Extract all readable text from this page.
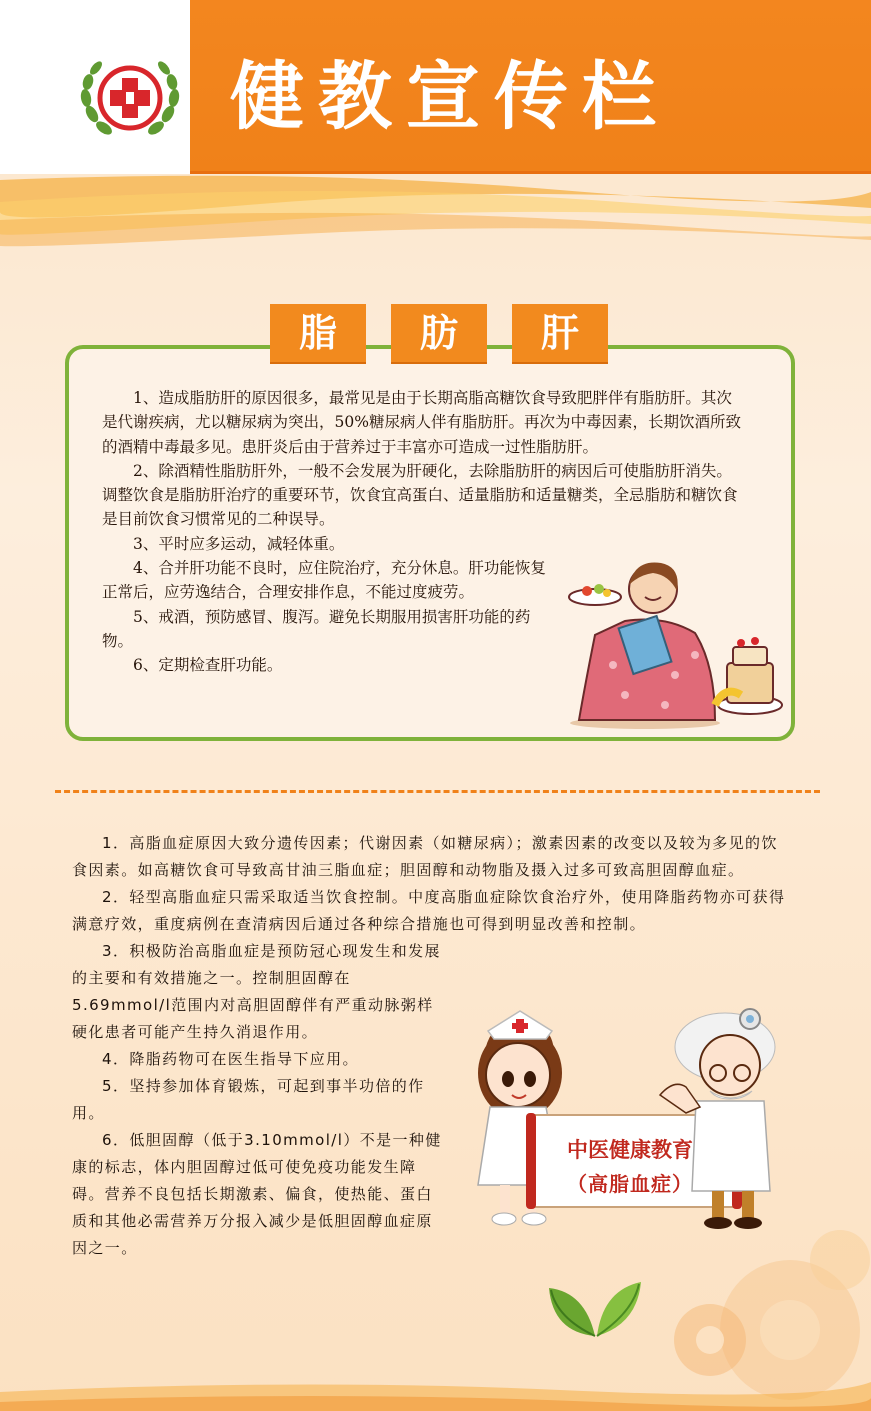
健教宣传栏
脂	肪	肝

1、造成脂肪肝的原因很多，最常见是由于长期高脂高糖饮食导致肥胖伴有脂肪肝。其次是代谢疾病，尤以糖尿病为突出，50%糖尿病人伴有脂肪肝。再次为中毒因素，长期饮酒所致的酒精中毒最多见。患肝炎后由于营养过于丰富亦可造成一过性脂肪肝。

2、除酒精性脂肪肝外，一般不会发展为肝硬化，去除脂肪肝的病因后可使脂肪肝消失。调整饮食是脂肪肝治疗的重要环节，饮食宜高蛋白、适量脂肪和适量糖类，全忌脂肪和糖饮食是目前饮食习惯常见的二种误导。

3、平时应多运动，减轻体重。

4、合并肝功能不良时，应住院治疗，充分休息。肝功能恢复正常后，应劳逸结合，合理安排作息，不能过度疲劳。

5、戒酒，预防感冒、腹泻。避免长期服用损害肝功能的药物。

6、定期检查肝功能。

1．高脂血症原因大致分遗传因素；代谢因素（如糖尿病）；激素因素的改变以及较为多见的饮食因素。如高糖饮食可导致高甘油三脂血症；胆固醇和动物脂及摄入过多可致高胆固醇血症。

2．轻型高脂血症只需采取适当饮食控制。中度高脂血症除饮食治疗外，使用降脂药物亦可获得满意疗效，重度病例在查清病因后通过各种综合措施也可得到明显改善和控制。

3．积极防治高脂血症是预防冠心现发生和发展的主要和有效措施之一。控制胆固醇在5.69mmol/l范围内对高胆固醇伴有严重动脉粥样硬化患者可能产生持久消退作用。

4．降脂药物可在医生指导下应用。

5．坚持参加体育锻炼，可起到事半功倍的作用。

6．低胆固醇（低于3.10mmol/l）不是一种健康的标志，体内胆固醇过低可使免疫功能发生障碍。营养不良包括长期激素、偏食，使热能、蛋白质和其他必需营养万分报入减少是低胆固醇血症原因之一。

中医健康教育
（高脂血症）
